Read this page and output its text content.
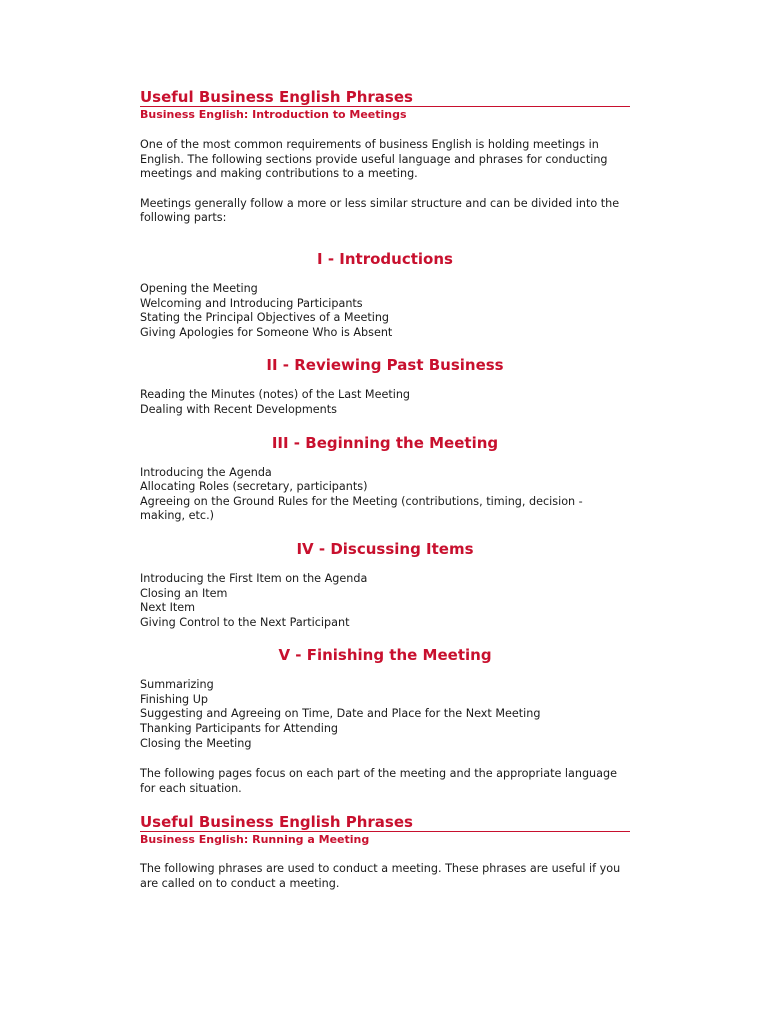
Useful Business English Phrases
Business English: Introduction to Meetings

One of the most common requirements of business English is holding meetings in English. The following sections provide useful language and phrases for conducting meetings and making contributions to a meeting.

Meetings generally follow a more or less similar structure and can be divided into the following parts:

I - Introductions
Opening the Meeting
Welcoming and Introducing Participants
Stating the Principal Objectives of a Meeting
Giving Apologies for Someone Who is Absent
II - Reviewing Past Business
Reading the Minutes (notes) of the Last Meeting
Dealing with Recent Developments
III - Beginning the Meeting
Introducing the Agenda
Allocating Roles (secretary, participants)
Agreeing on the Ground Rules for the Meeting (contributions, timing, decision - making, etc.)
IV - Discussing Items
Introducing the First Item on the Agenda
Closing an Item
Next Item
Giving Control to the Next Participant
V - Finishing the Meeting
Summarizing
Finishing Up
Suggesting and Agreeing on Time, Date and Place for the Next Meeting
Thanking Participants for Attending
Closing the Meeting

The following pages focus on each part of the meeting and the appropriate language for each situation.

Useful Business English Phrases
Business English: Running a Meeting

The following phrases are used to conduct a meeting. These phrases are useful if you are called on to conduct a meeting.
